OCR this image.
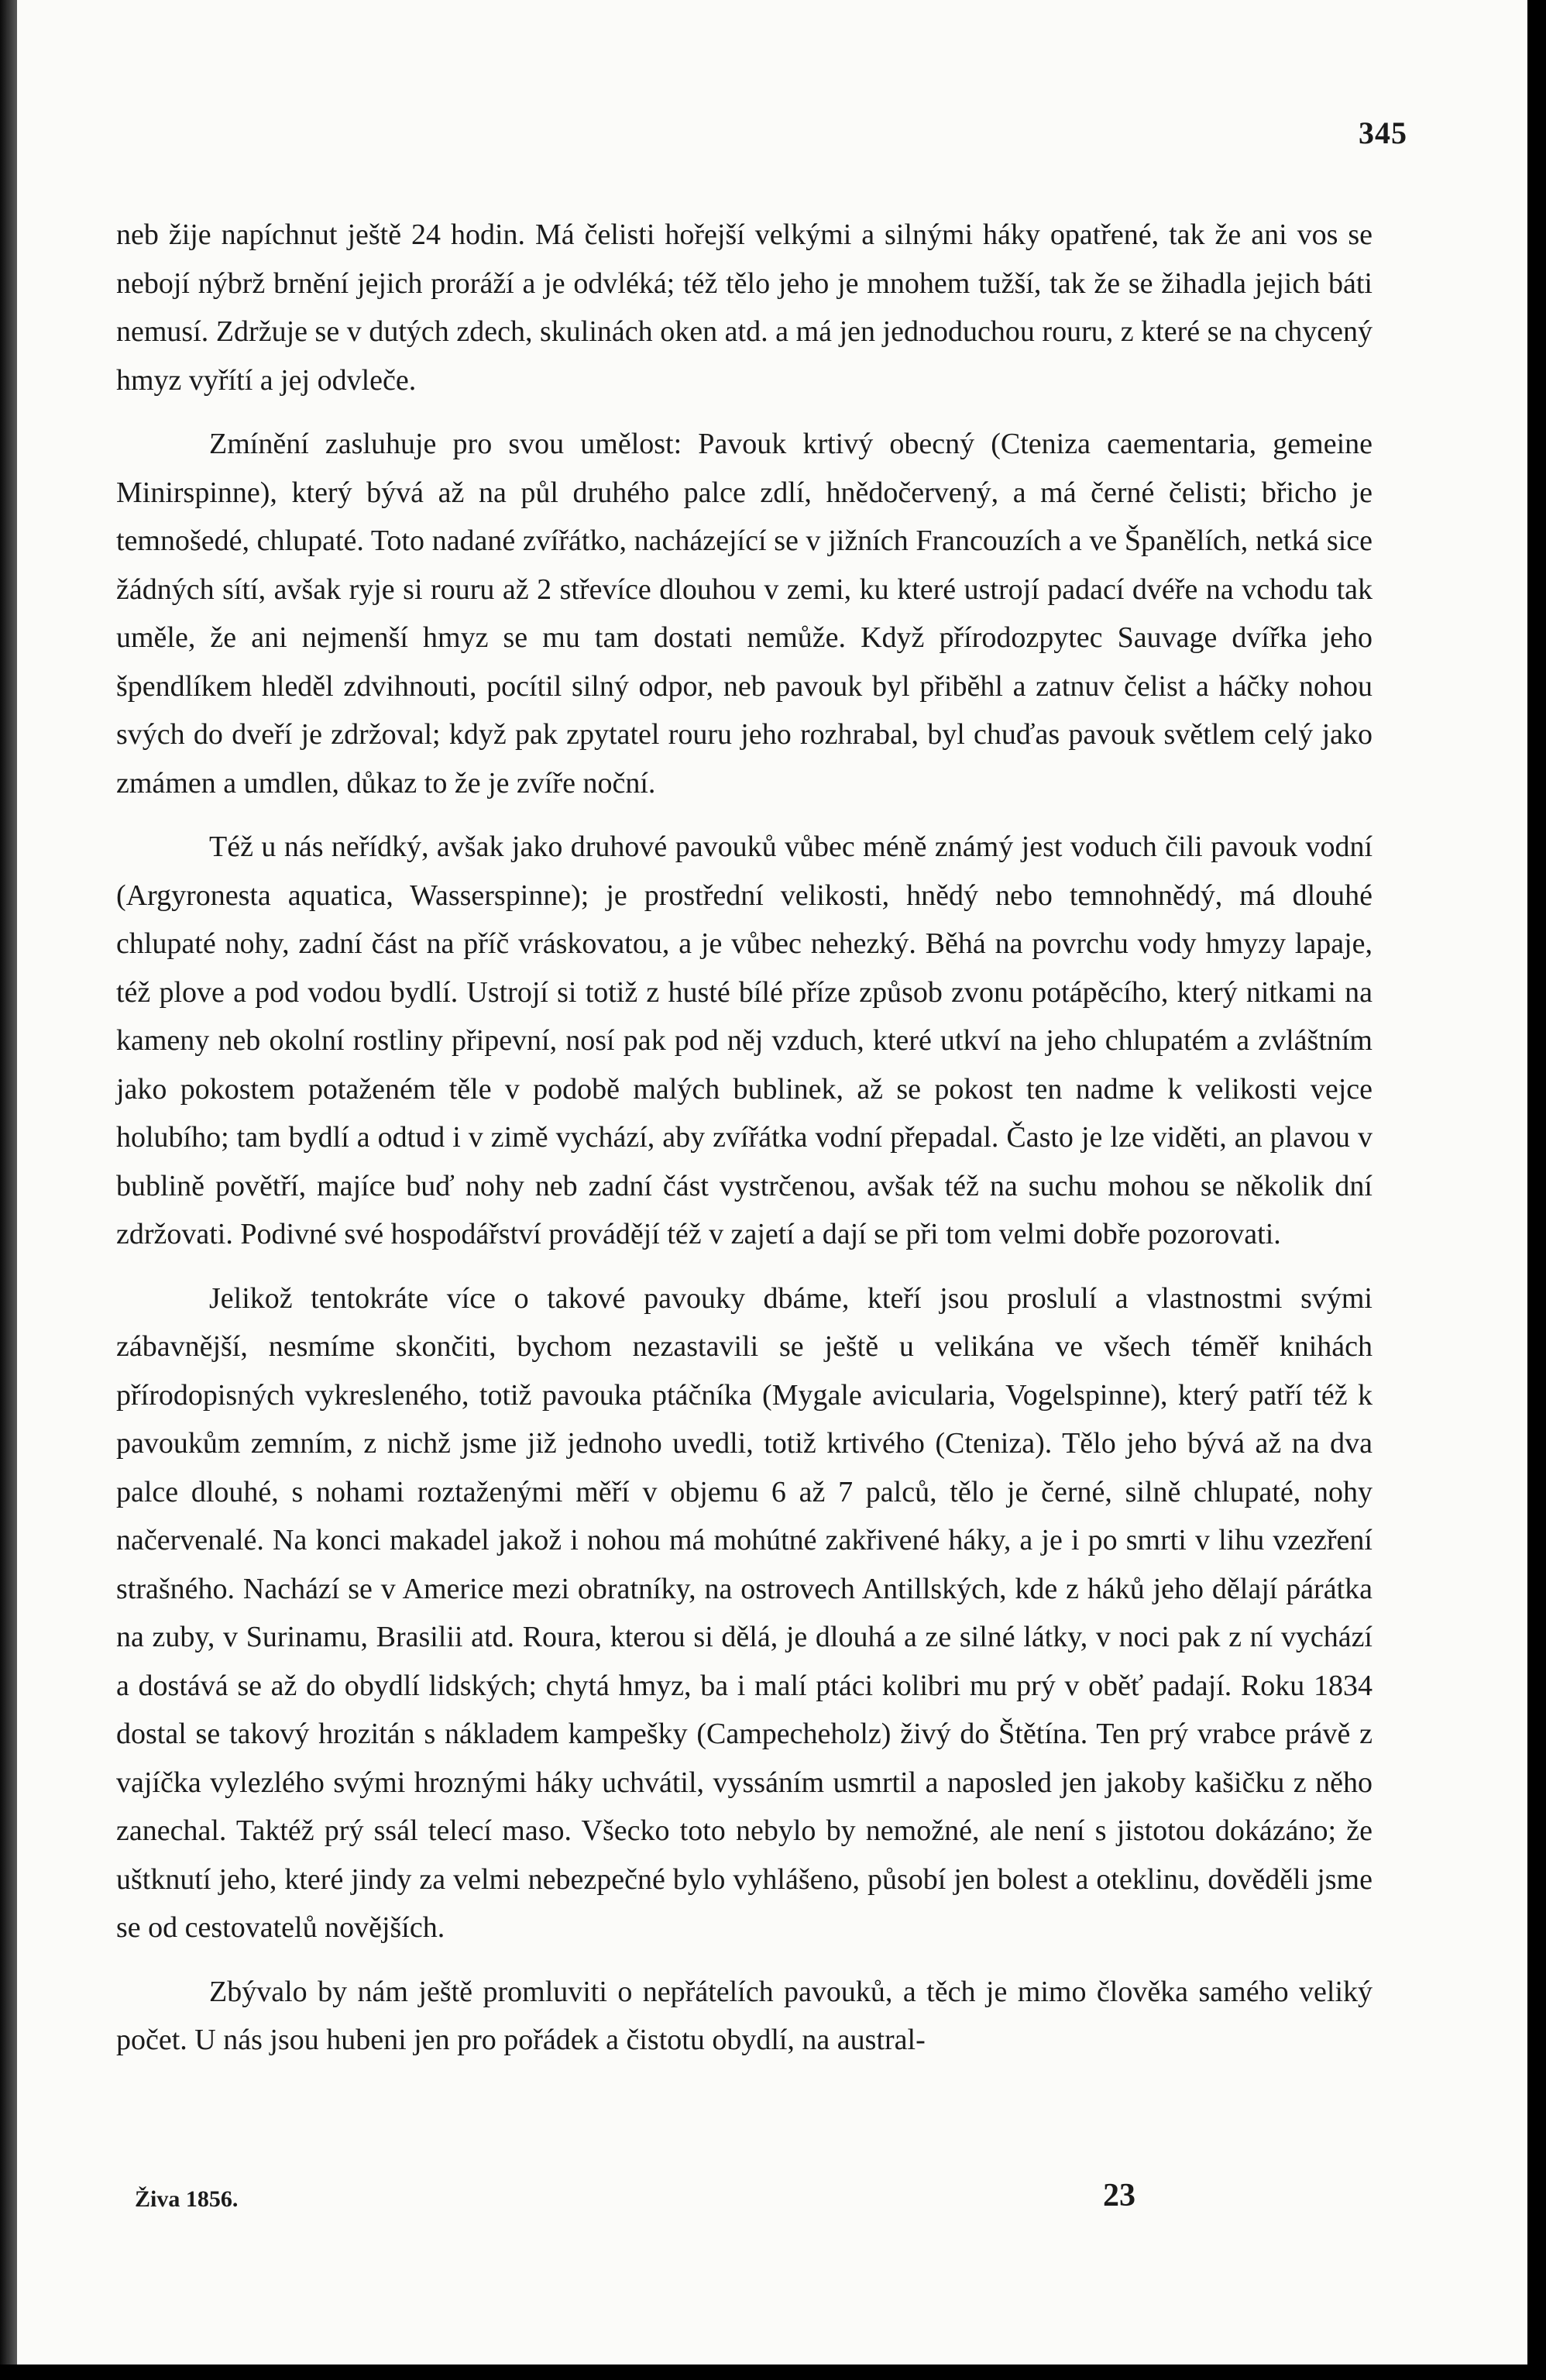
345

neb žije napíchnut ještě 24 hodin. Má čelisti hořejší velkými a silnými háky opatřené, tak že ani vos se nebojí nýbrž brnění jejich proráží a je odvléká; též tělo jeho je mnohem tužší, tak že se žihadla jejich báti nemusí. Zdržuje se v dutých zdech, skulinách oken atd. a má jen jednoduchou rouru, z které se na chycený hmyz vyřítí a jej odvleče.

Zmínění zasluhuje pro svou umělost: Pavouk krtivý obecný (Cteniza caementaria, gemeine Minirspinne), který bývá až na půl druhého palce zdlí, hnědočervený, a má černé čelisti; břicho je temnošedé, chlupaté. Toto nadané zvířátko, nacházející se v jižních Francouzích a ve Španělích, netká sice žádných sítí, avšak ryje si rouru až 2 střevíce dlouhou v zemi, ku které ustrojí padací dvéře na vchodu tak uměle, že ani nejmenší hmyz se mu tam dostati nemůže. Když přírodozpytec Sauvage dvířka jeho špendlíkem hleděl zdvihnouti, pocítil silný odpor, neb pavouk byl přiběhl a zatnuv čelist a háčky nohou svých do dveří je zdržoval; když pak zpytatel rouru jeho rozhrabal, byl chuďas pavouk světlem celý jako zmámen a umdlen, důkaz to že je zvíře noční.

Též u nás neřídký, avšak jako druhové pavouků vůbec méně známý jest voduch čili pavouk vodní (Argyronesta aquatica, Wasserspinne); je prostřední velikosti, hnědý nebo temnohnědý, má dlouhé chlupaté nohy, zadní část na příč vráskovatou, a je vůbec nehezký. Běhá na povrchu vody hmyzy lapaje, též plove a pod vodou bydlí. Ustrojí si totiž z husté bílé příze způsob zvonu potápěcího, který nitkami na kameny neb okolní rostliny připevní, nosí pak pod něj vzduch, které utkví na jeho chlupatém a zvláštním jako pokostem potaženém těle v podobě malých bublinek, až se pokost ten nadme k velikosti vejce holubího; tam bydlí a odtud i v zimě vychází, aby zvířátka vodní přepadal. Často je lze viděti, an plavou v bublině povětří, majíce buď nohy neb zadní část vystrčenou, avšak též na suchu mohou se několik dní zdržovati. Podivné své hospodářství provádějí též v zajetí a dají se při tom velmi dobře pozorovati.

Jelikož tentokráte více o takové pavouky dbáme, kteří jsou proslulí a vlastnostmi svými zábavnější, nesmíme skončiti, bychom nezastavili se ještě u velikána ve všech téměř knihách přírodopisných vykresleného, totiž pavouka ptáčníka (Mygale avicularia, Vogelspinne), který patří též k pavoukům zemním, z nichž jsme již jednoho uvedli, totiž krtivého (Cteniza). Tělo jeho bývá až na dva palce dlouhé, s nohami roztaženými měří v objemu 6 až 7 palců, tělo je černé, silně chlupaté, nohy načervenalé. Na konci makadel jakož i nohou má mohútné zakřivené háky, a je i po smrti v lihu vzezření strašného. Nachází se v Americe mezi obratníky, na ostrovech Antillských, kde z háků jeho dělají párátka na zuby, v Surinamu, Brasilii atd. Roura, kterou si dělá, je dlouhá a ze silné látky, v noci pak z ní vychází a dostává se až do obydlí lidských; chytá hmyz, ba i malí ptáci kolibri mu prý v oběť padají. Roku 1834 dostal se takový hrozitán s nákladem kampešky (Campecheholz) živý do Štětína. Ten prý vrabce právě z vajíčka vylezlého svými hroznými háky uchvátil, vyssáním usmrtil a naposled jen jakoby kašičku z něho zanechal. Taktéž prý ssál telecí maso. Všecko toto nebylo by nemožné, ale není s jistotou dokázáno; že uštknutí jeho, které jindy za velmi nebezpečné bylo vyhlášeno, působí jen bolest a oteklinu, dověděli jsme se od cestovatelů novějších.

Zbývalo by nám ještě promluviti o nepřátelích pavouků, a těch je mimo člověka samého veliký počet. U nás jsou hubeni jen pro pořádek a čistotu obydlí, na austral-

Živa 1856.	23
